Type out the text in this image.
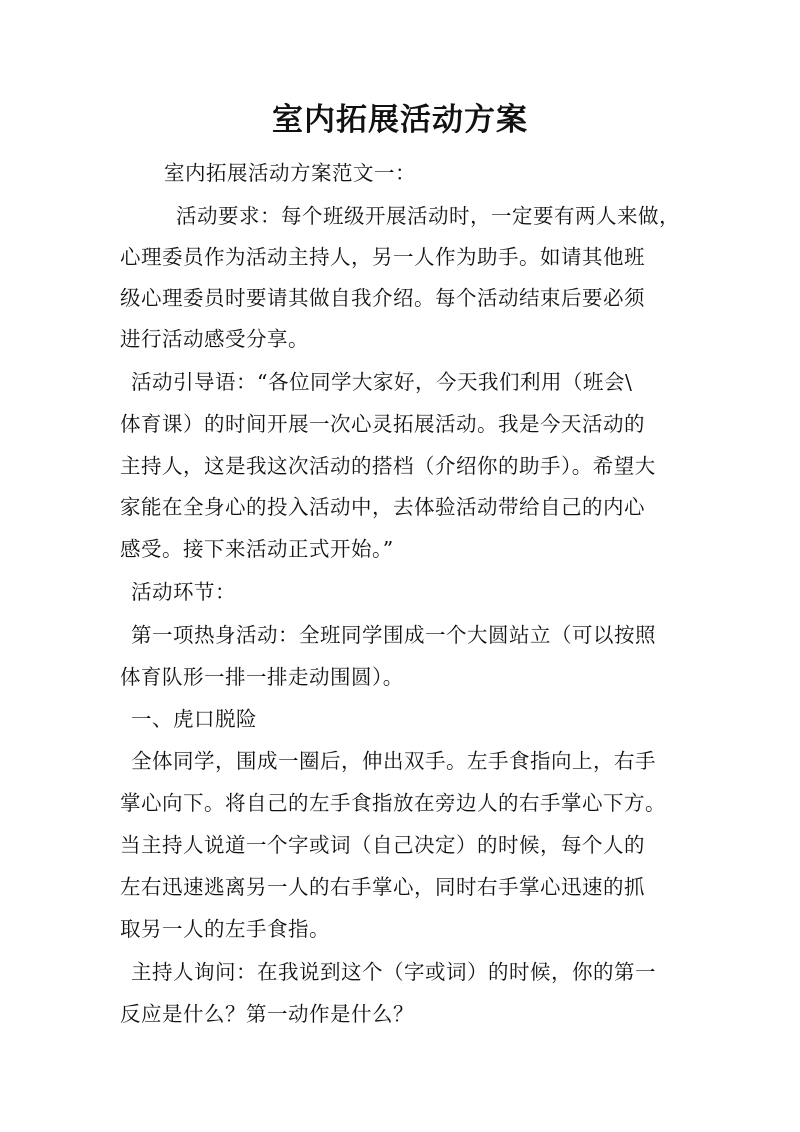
室内拓展活动方案
室内拓展活动方案范文一：
活动要求：每个班级开展活动时，一定要有两人来做，
心理委员作为活动主持人，另一人作为助手。如请其他班
级心理委员时要请其做自我介绍。每个活动结束后要必须
进行活动感受分享。
活动引导语：“各位同学大家好，今天我们利用（班会\
体育课）的时间开展一次心灵拓展活动。我是今天活动的
主持人，这是我这次活动的搭档（介绍你的助手）。希望大
家能在全身心的投入活动中，去体验活动带给自己的内心
感受。接下来活动正式开始。”
活动环节：
第一项热身活动：全班同学围成一个大圆站立（可以按照
体育队形一排一排走动围圆）。
一、虎口脱险
全体同学，围成一圈后，伸出双手。左手食指向上，右手
掌心向下。将自己的左手食指放在旁边人的右手掌心下方。
当主持人说道一个字或词（自己决定）的时候，每个人的
左右迅速逃离另一人的右手掌心，同时右手掌心迅速的抓
取另一人的左手食指。
主持人询问：在我说到这个（字或词）的时候，你的第一
反应是什么？第一动作是什么？
